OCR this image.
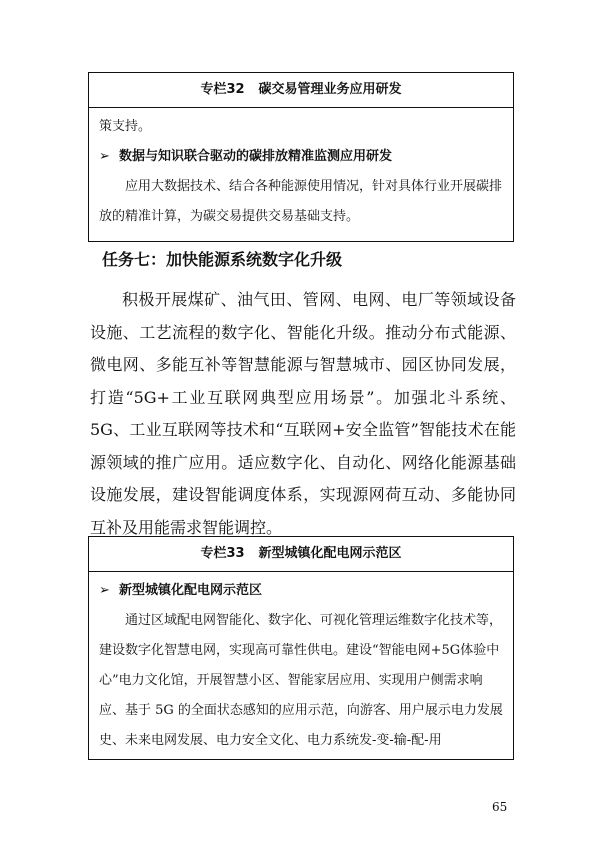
专栏32 碳交易管理业务应用研发

策支持。

➢ 数据与知识联合驱动的碳排放精准监测应用研发

应用大数据技术、结合各种能源使用情况，针对具体行业开展碳排放的精准计算，为碳交易提供交易基础支持。

任务七：加快能源系统数字化升级

积极开展煤矿、油气田、管网、电网、电厂等领域设备设施、工艺流程的数字化、智能化升级。推动分布式能源、微电网、多能互补等智慧能源与智慧城市、园区协同发展，打造“5G+工业互联网典型应用场景”。加强北斗系统、5G、工业互联网等技术和“互联网+安全监管”智能技术在能源领域的推广应用。适应数字化、自动化、网络化能源基础设施发展，建设智能调度体系，实现源网荷互动、多能协同互补及用能需求智能调控。

专栏33 新型城镇化配电网示范区

➢ 新型城镇化配电网示范区

通过区域配电网智能化、数字化、可视化管理运维数字化技术等，建设数字化智慧电网，实现高可靠性供电。建设“智能电网+5G体验中心”电力文化馆，开展智慧小区、智能家居应用、实现用户侧需求响应、基于 5G 的全面状态感知的应用示范，向游客、用户展示电力发展史、未来电网发展、电力安全文化、电力系统发-变-输-配-用

65
